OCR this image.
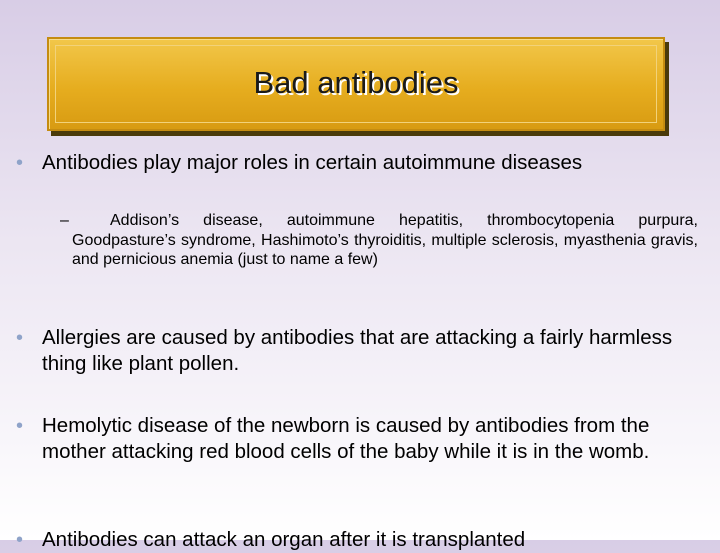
Bad antibodies
• Antibodies play major roles in certain autoimmune diseases
–	Addison’s disease, autoimmune hepatitis, thrombocytopenia purpura, Goodpasture’s syndrome, Hashimoto’s thyroiditis, multiple sclerosis, myasthenia gravis, and pernicious anemia (just to name a few)
• Allergies are caused by antibodies that are attacking a fairly harmless thing like plant pollen.
• Hemolytic disease of the newborn is caused by antibodies from the mother attacking red blood cells of the baby while it is in the womb.
• Antibodies can attack an organ after it is transplanted
